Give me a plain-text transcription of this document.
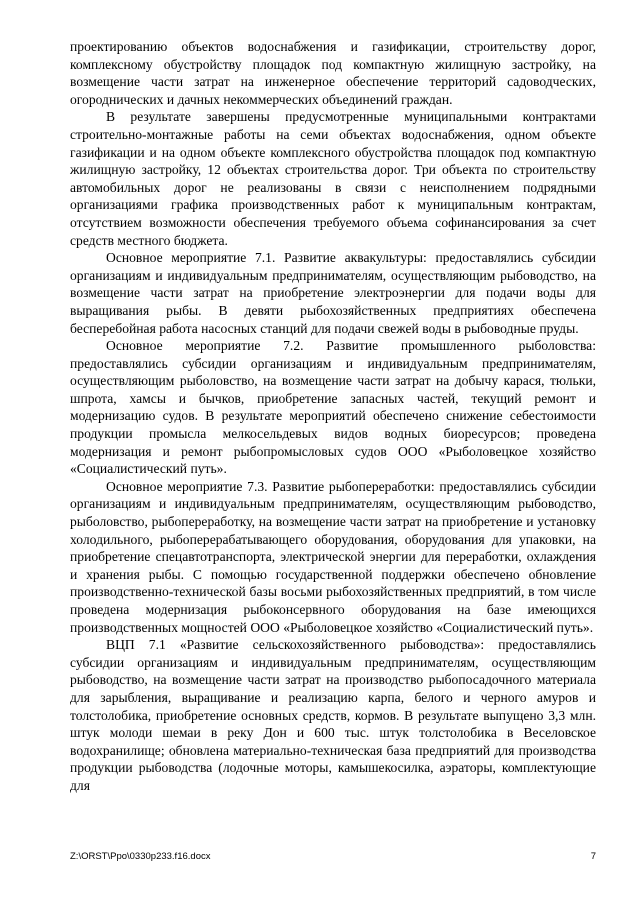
проектированию объектов водоснабжения и газификации, строительству дорог, комплексному обустройству площадок под компактную жилищную застройку, на возмещение части затрат на инженерное обеспечение территорий садоводческих, огороднических и дачных некоммерческих объединений граждан.

В результате завершены предусмотренные муниципальными контрактами строительно-монтажные работы на семи объектах водоснабжения, одном объекте газификации и на одном объекте комплексного обустройства площадок под компактную жилищную застройку, 12 объектах строительства дорог. Три объекта по строительству автомобильных дорог не реализованы в связи с неисполнением подрядными организациями графика производственных работ к муниципальным контрактам, отсутствием возможности обеспечения требуемого объема софинансирования за счет средств местного бюджета.

Основное мероприятие 7.1. Развитие аквакультуры: предоставлялись субсидии организациям и индивидуальным предпринимателям, осуществляющим рыбоводство, на возмещение части затрат на приобретение электроэнергии для подачи воды для выращивания рыбы. В девяти рыбохозяйственных предприятиях обеспечена бесперебойная работа насосных станций для подачи свежей воды в рыбоводные пруды.

Основное мероприятие 7.2. Развитие промышленного рыболовства: предоставлялись субсидии организациям и индивидуальным предпринимателям, осуществляющим рыболовство, на возмещение части затрат на добычу карася, тюльки, шпрота, хамсы и бычков, приобретение запасных частей, текущий ремонт и модернизацию судов. В результате мероприятий обеспечено снижение себестоимости продукции промысла мелкосельдевых видов водных биоресурсов; проведена модернизация и ремонт рыбопромысловых судов ООО «Рыболовецкое хозяйство «Социалистический путь».

Основное мероприятие 7.3. Развитие рыбопереработки: предоставлялись субсидии организациям и индивидуальным предпринимателям, осуществляющим рыбоводство, рыболовство, рыбопереработку, на возмещение части затрат на приобретение и установку холодильного, рыбоперерабатывающего оборудования, оборудования для упаковки, на приобретение спецавтотранспорта, электрической энергии для переработки, охлаждения и хранения рыбы. С помощью государственной поддержки обеспечено обновление производственно-технической базы восьми рыбохозяйственных предприятий, в том числе проведена модернизация рыбоконсервного оборудования на базе имеющихся производственных мощностей ООО «Рыболовецкое хозяйство «Социалистический путь».

ВЦП 7.1 «Развитие сельскохозяйственного рыбоводства»: предоставлялись субсидии организациям и индивидуальным предпринимателям, осуществляющим рыбоводство, на возмещение части затрат на производство рыбопосадочного материала для зарыбления, выращивание и реализацию карпа, белого и черного амуров и толстолобика, приобретение основных средств, кормов. В результате выпущено 3,3 млн. штук молоди шемаи в реку Дон и 600 тыс. штук толстолобика в Веселовское водохранилище; обновлена материально-техническая база предприятий для производства продукции рыбоводства (лодочные моторы, камышекосилка, аэраторы, комплектующие для

Z:\ORST\Ppo\0330p233.f16.docx	7
